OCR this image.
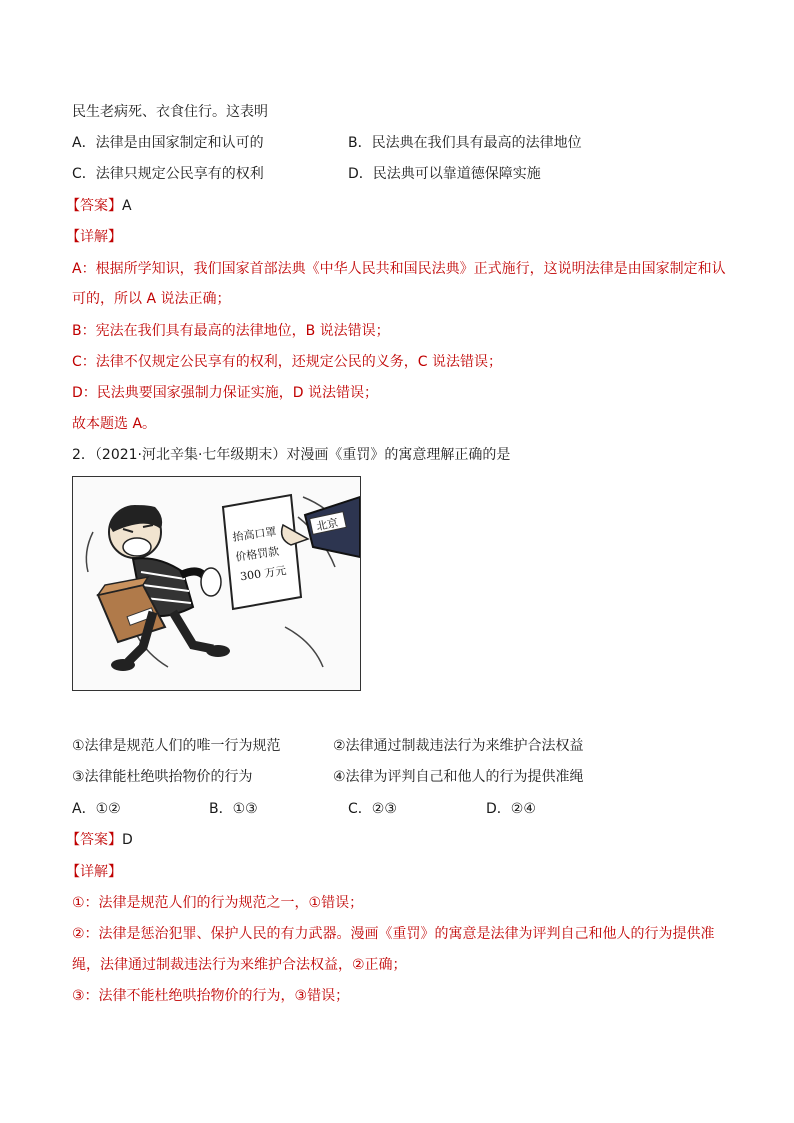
民生老病死、衣食住行。这表明
A．法律是由国家制定和认可的	B．民法典在我们具有最高的法律地位
C．法律只规定公民享有的权利	D．民法典可以靠道德保障实施
【答案】A
【详解】
A：根据所学知识，我们国家首部法典《中华人民共和国民法典》正式施行，这说明法律是由国家制定和认
可的，所以 A 说法正确；
B：宪法在我们具有最高的法律地位，B 说法错误；
C：法律不仅规定公民享有的权利，还规定公民的义务，C 说法错误；
D：民法典要国家强制力保证实施，D 说法错误；
故本题选 A。
2．（2021·河北辛集·七年级期末）对漫画《重罚》的寓意理解正确的是
抬高口罩
价格罚款
300 万元
北京
①法律是规范人们的唯一行为规范	②法律通过制裁违法行为来维护合法权益
③法律能杜绝哄抬物价的行为	④法律为评判自己和他人的行为提供准绳
A．①②	B．①③	C．②③	D．②④
【答案】D
【详解】
①：法律是规范人们的行为规范之一，①错误；
②：法律是惩治犯罪、保护人民的有力武器。漫画《重罚》的寓意是法律为评判自己和他人的行为提供准
绳，法律通过制裁违法行为来维护合法权益，②正确；
③：法律不能杜绝哄抬物价的行为，③错误；
